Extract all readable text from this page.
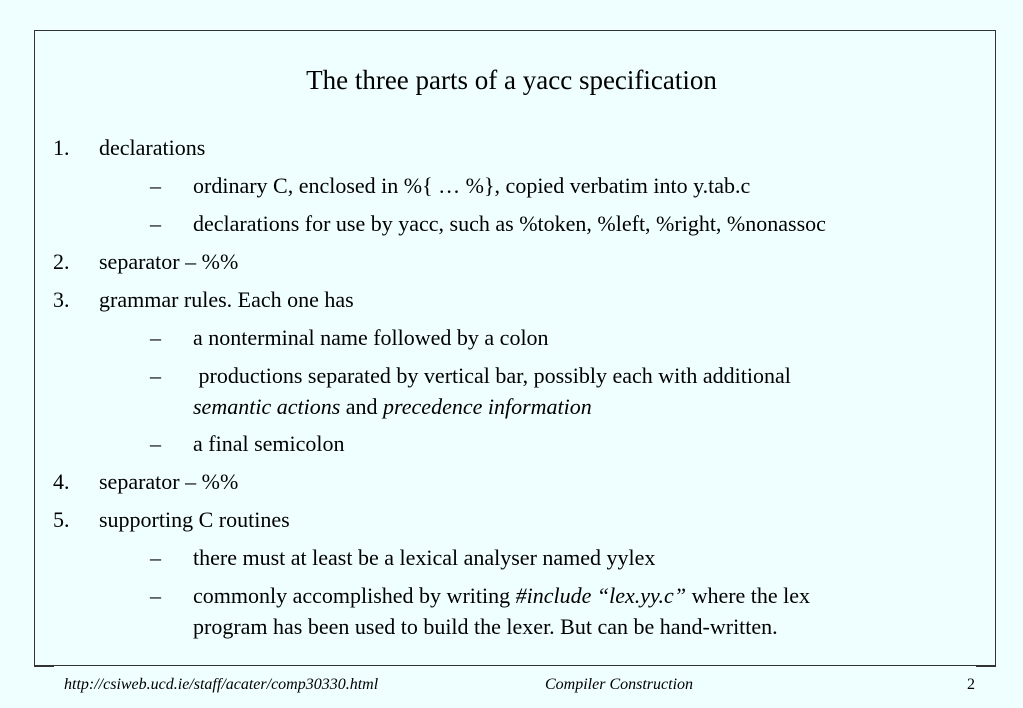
The three parts of a yacc specification
1. declarations
– ordinary C, enclosed in %{ … %}, copied verbatim into y.tab.c
– declarations for use by yacc, such as %token, %left, %right, %nonassoc
2. separator – %%
3. grammar rules. Each one has
– a nonterminal name followed by a colon
– productions separated by vertical bar, possibly each with additional
semantic actions and precedence information
– a final semicolon
4. separator – %%
5. supporting C routines
– there must at least be a lexical analyser named yylex
– commonly accomplished by writing #include “lex.yy.c” where the lex
program has been used to build the lexer. But can be hand-written.
http://csiweb.ucd.ie/staff/acater/comp30330.html	Compiler Construction	2
